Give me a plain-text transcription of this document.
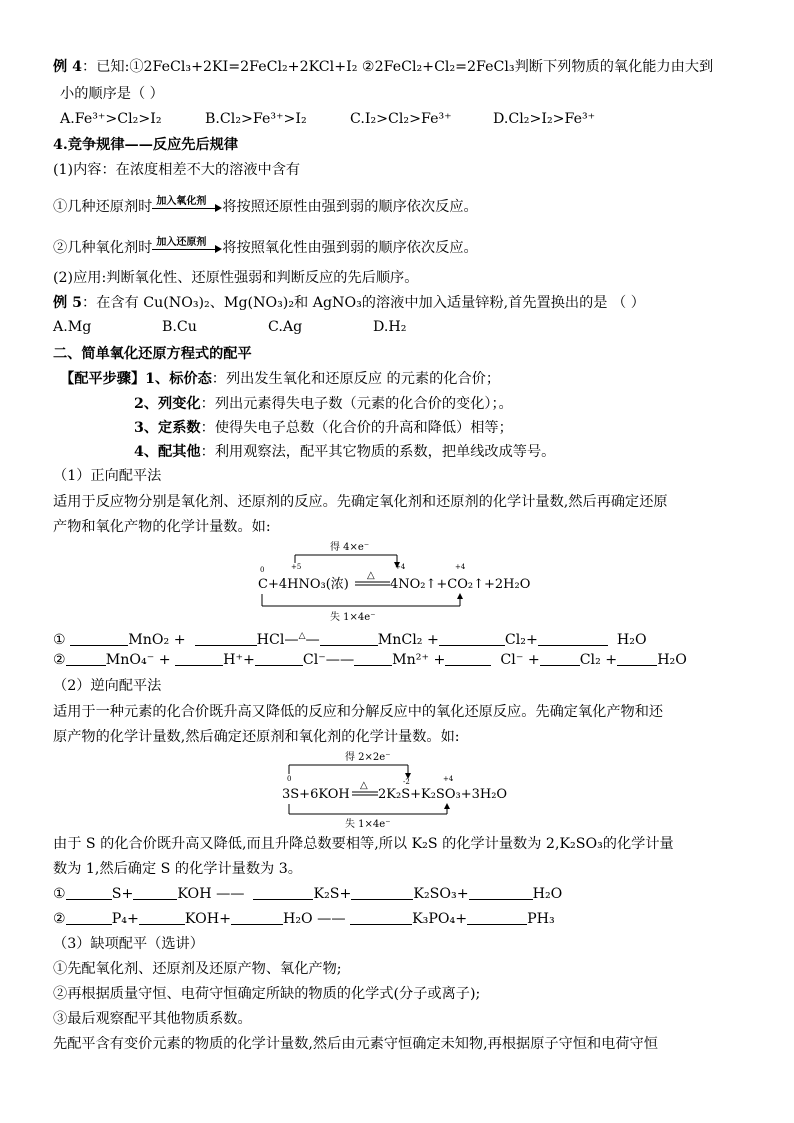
例 4：已知:①2FeCl₃+2KI=2FeCl₂+2KCl+I₂ ②2FeCl₂+Cl₂=2FeCl₃判断下列物质的氧化能力由大到
小的顺序是（ ）
A.Fe³⁺>Cl₂>I₂	B.Cl₂>Fe³⁺>I₂	C.I₂>Cl₂>Fe³⁺	D.Cl₂>I₂>Fe³⁺
4.竞争规律——反应先后规律
(1)内容：在浓度相差不大的溶液中含有
①几种还原剂时 加入氧化剂 将按照还原性由强到弱的顺序依次反应。
②几种氧化剂时 加入还原剂 将按照氧化性由强到弱的顺序依次反应。
(2)应用:判断氧化性、还原性强弱和判断反应的先后顺序。
例 5：在含有 Cu(NO₃)₂、Mg(NO₃)₂和 AgNO₃的溶液中加入适量锌粉,首先置换出的是 （ ）
A.Mg	B.Cu	C.Ag	D.H₂
二、简单氧化还原方程式的配平
【配平步骤】1、标价态：列出发生氧化和还原反应 的元素的化合价；
2、列变化：列出元素得失电子数（元素的化合价的变化）；。
3、定系数：使得失电子总数（化合价的升高和降低）相等；
4、配其他：利用观察法，配平其它物质的系数，把单线改成等号。
（1）正向配平法
适用于反应物分别是氧化剂、还原剂的反应。先确定氧化剂和还原剂的化学计量数,然后再确定还原
产物和氧化产物的化学计量数。如:
得 4×e⁻
0	+5	+4	+4
C+4HNO₃(浓)
△
4NO₂↑+CO₂↑+2H₂O
失 1×4e⁻
①	MnO₂ +	HCl—△—	MnCl₂ +	Cl₂+	H₂O
②	MnO₄⁻ +	H⁺+	Cl⁻——	Mn²⁺ +	Cl⁻ +	Cl₂ +	H₂O
（2）逆向配平法
适用于一种元素的化合价既升高又降低的反应和分解反应中的氧化还原反应。先确定氧化产物和还
原产物的化学计量数,然后确定还原剂和氧化剂的化学计量数。如:
得 2×2e⁻
0	-2	+4
3S+6KOH
△
2K₂S+K₂SO₃+3H₂O
失 1×4e⁻
由于 S 的化合价既升高又降低,而且升降总数要相等,所以 K₂S 的化学计量数为 2,K₂SO₃的化学计量
数为 1,然后确定 S 的化学计量数为 3。
①	S+	KOH ——	K₂S+	K₂SO₃+	H₂O
②	P₄+	KOH+	H₂O ——	K₃PO₄+	PH₃
（3）缺项配平（选讲）
①先配氧化剂、还原剂及还原产物、氧化产物;
②再根据质量守恒、电荷守恒确定所缺的物质的化学式(分子或离子);
③最后观察配平其他物质系数。
先配平含有变价元素的物质的化学计量数,然后由元素守恒确定未知物,再根据原子守恒和电荷守恒
